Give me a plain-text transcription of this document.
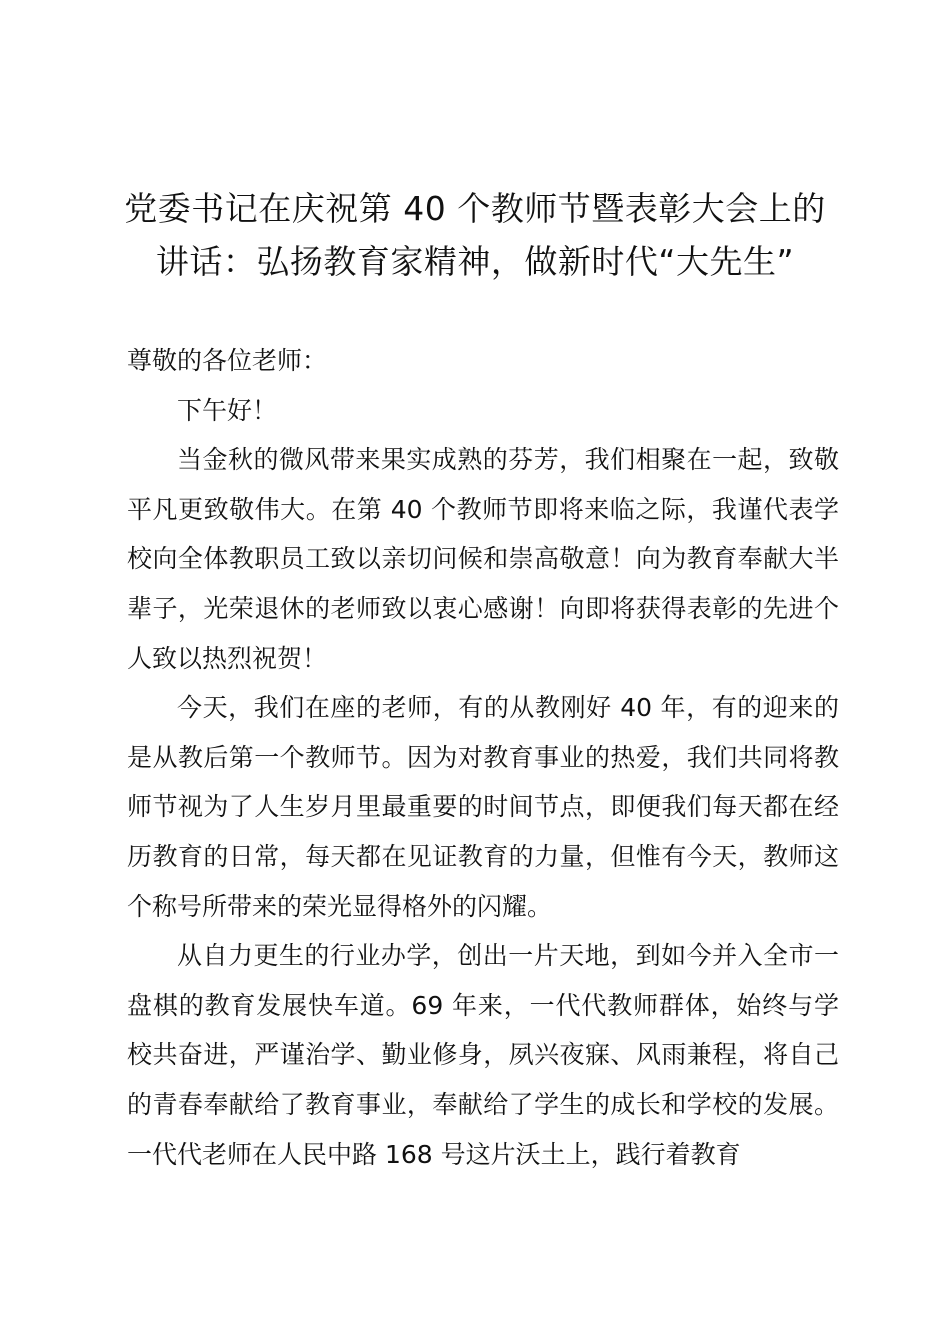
党委书记在庆祝第 40 个教师节暨表彰大会上的讲话：弘扬教育家精神，做新时代“大先生”

尊敬的各位老师：

下午好！

当金秋的微风带来果实成熟的芬芳，我们相聚在一起，致敬平凡更致敬伟大。在第 40 个教师节即将来临之际，我谨代表学校向全体教职员工致以亲切问候和崇高敬意！向为教育奉献大半辈子，光荣退休的老师致以衷心感谢！向即将获得表彰的先进个人致以热烈祝贺！

今天，我们在座的老师，有的从教刚好 40 年，有的迎来的是从教后第一个教师节。因为对教育事业的热爱，我们共同将教师节视为了人生岁月里最重要的时间节点，即便我们每天都在经历教育的日常，每天都在见证教育的力量，但惟有今天，教师这个称号所带来的荣光显得格外的闪耀。

从自力更生的行业办学，创出一片天地，到如今并入全市一盘棋的教育发展快车道。69 年来，一代代教师群体，始终与学校共奋进，严谨治学、勤业修身，夙兴夜寐、风雨兼程，将自己的青春奉献给了教育事业，奉献给了学生的成长和学校的发展。一代代老师在人民中路 168 号这片沃土上，践行着教育
